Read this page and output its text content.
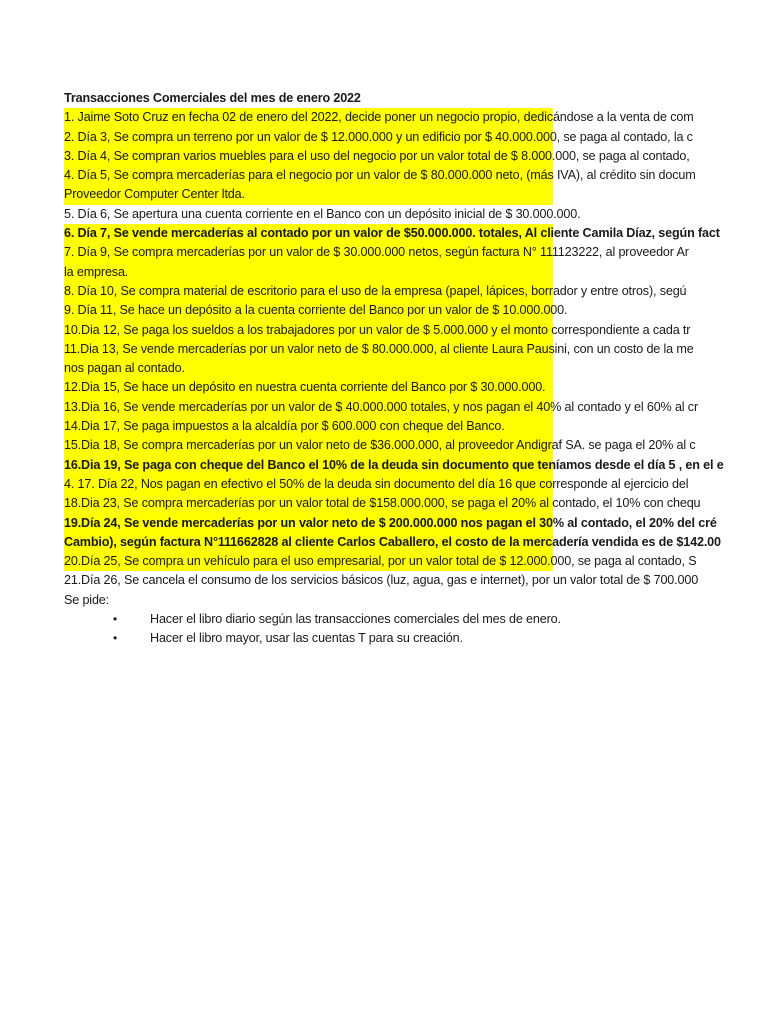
Transacciones Comerciales del mes de enero 2022
1. Jaime Soto Cruz en fecha 02 de enero del 2022, decide poner un negocio propio, dedicándose a la venta de com
2. Día 3, Se compra un terreno por un valor de $ 12.000.000 y un edificio por $ 40.000.000, se paga al contado, la c
3. Día 4, Se compran varios muebles para el uso del negocio por un valor total de $ 8.000.000, se paga al contado,
4. Día 5, Se compra mercaderías para el negocio por un valor de $ 80.000.000 neto, (más IVA), al crédito sin docum
Proveedor Computer Center ltda.
5. Día 6, Se apertura una cuenta corriente en el Banco con un depósito inicial de $ 30.000.000.
6. Día 7, Se vende mercaderías al contado por un valor de $50.000.000. totales, Al cliente Camila Díaz, según fact
7. Día 9, Se compra mercaderías por un valor de $ 30.000.000 netos, según factura N° 111123222, al proveedor Ar
la empresa.
8. Día 10, Se compra material de escritorio para el uso de la empresa (papel, lápices, borrador y entre otros), segú
9. Día 11, Se hace un depósito a la cuenta corriente del Banco por un valor de $ 10.000.000.
10.Dia 12, Se paga los sueldos a los trabajadores por un valor de $ 5.000.000 y el monto correspondiente a cada tr
11.Dia 13, Se vende mercaderías por un valor neto de $ 80.000.000, al cliente Laura Pausini, con un costo de la me
nos pagan al contado.
12.Dia 15, Se hace un depósito en nuestra cuenta corriente del Banco por $ 30.000.000.
13.Dia 16, Se vende mercaderías por un valor de $ 40.000.000 totales, y nos pagan el 40% al contado y el 60% al cr
14.Dia 17, Se paga impuestos a la alcaldía por $ 600.000 con cheque del Banco.
15.Dia 18, Se compra mercaderías por un valor neto de $36.000.000, al proveedor Andigraf SA. se paga el 20% al c
16.Dia 19, Se paga con cheque del Banco el 10% de la deuda sin documento que teníamos desde el día 5 , en el e
4. 17. Día 22, Nos pagan en efectivo el 50% de la deuda sin documento del día 16 que corresponde al ejercicio del
18.Dia 23, Se compra mercaderías por un valor total de $158.000.000, se paga el 20% al contado, el 10% con chequ
19.Día 24, Se vende mercaderías por un valor neto de $ 200.000.000 nos pagan el 30% al contado, el 20% del cré
Cambio), según factura N°111662828 al cliente Carlos Caballero, el costo de la mercadería vendida es de $142.00
20.Día 25, Se compra un vehículo para el uso empresarial, por un valor total de $ 12.000.000, se paga al contado, S
21.Día 26, Se cancela el consumo de los servicios básicos (luz, agua, gas e internet), por un valor total de $ 700.000
Se pide:
•	Hacer el libro diario según las transacciones comerciales del mes de enero.
•	Hacer el libro mayor, usar las cuentas T para su creación.
